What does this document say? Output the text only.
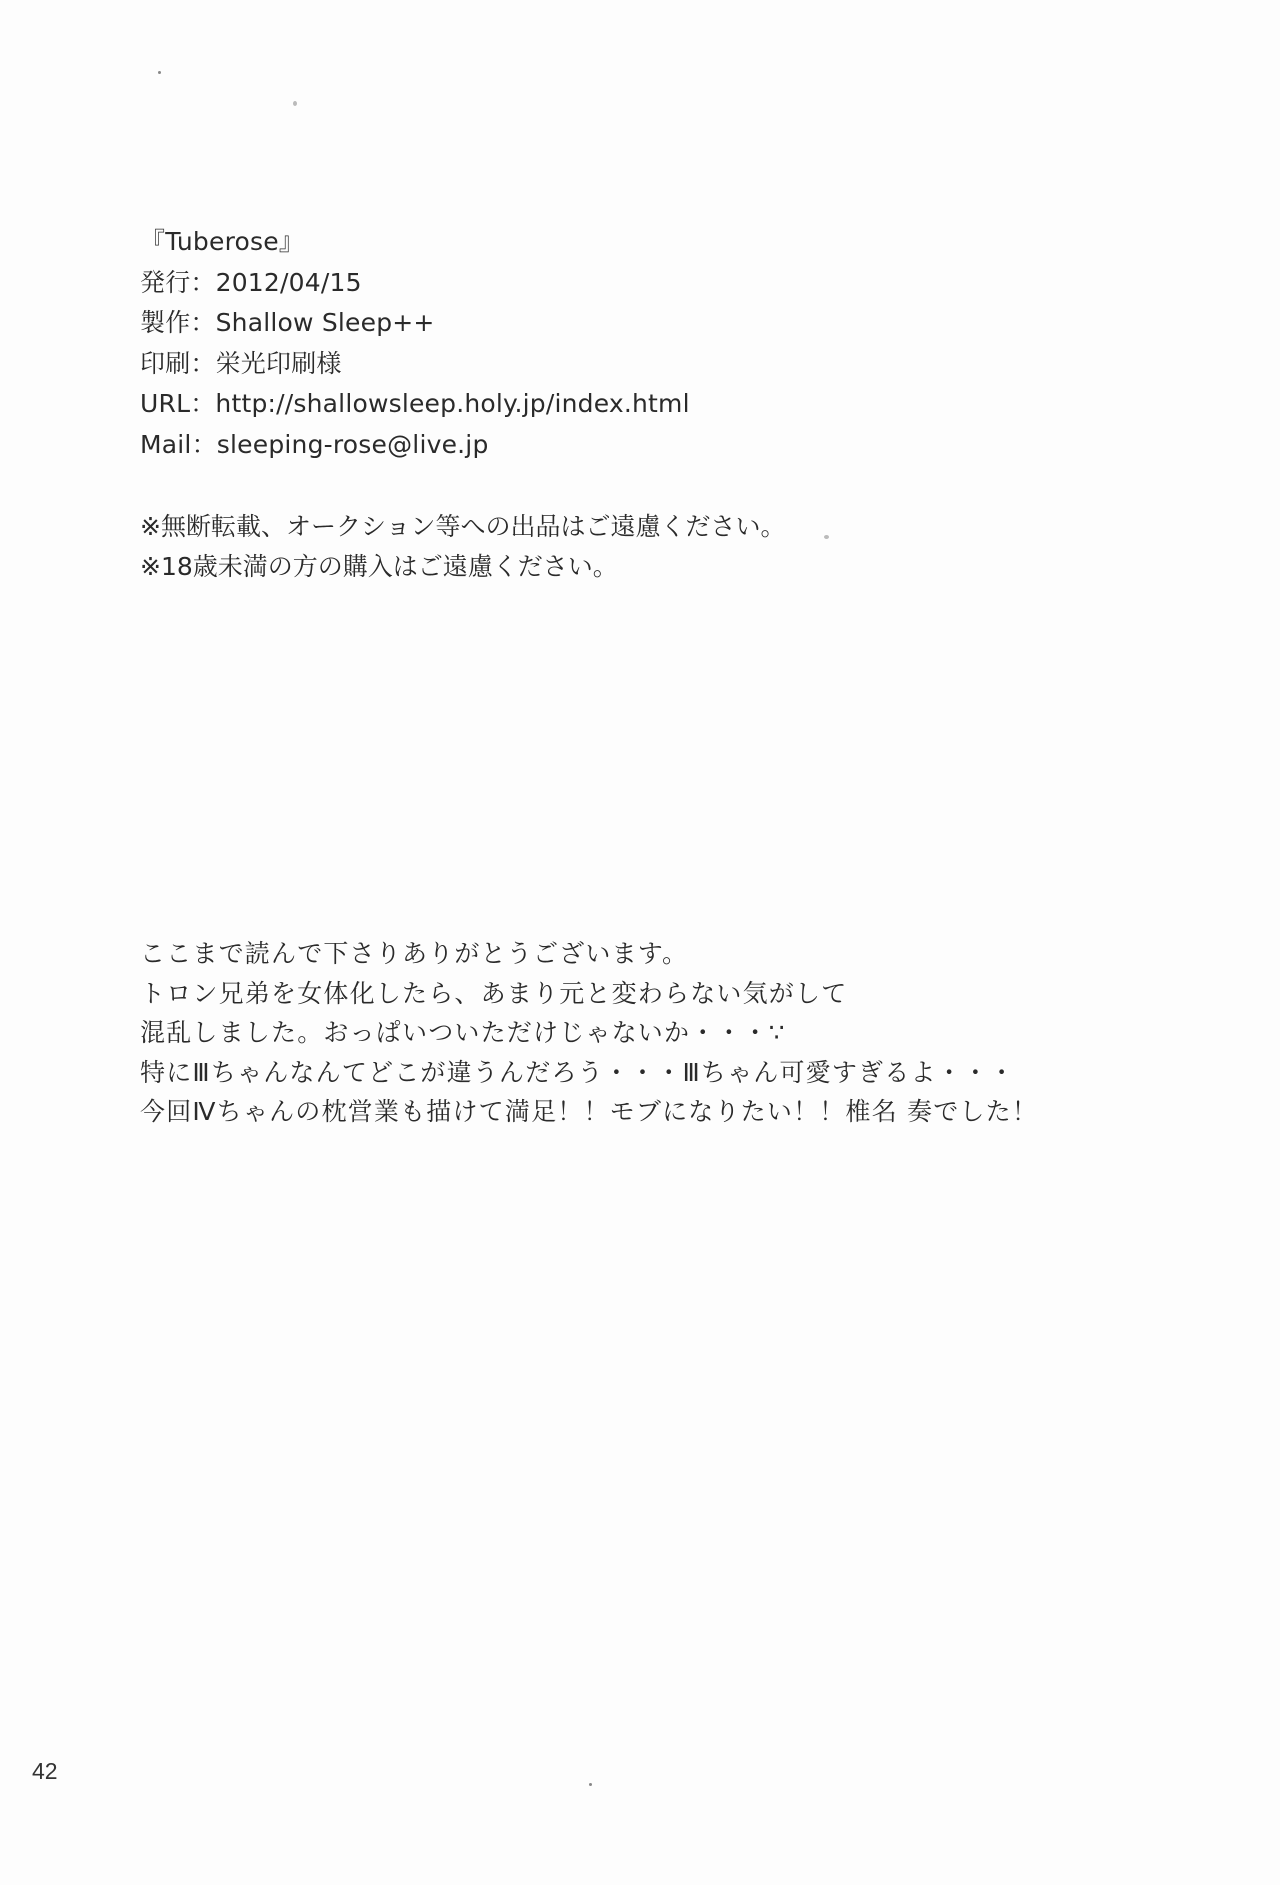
『Tuberose』
発行：2012/04/15
製作：Shallow Sleep++
印刷：栄光印刷様
URL：http://shallowsleep.holy.jp/index.html
Mail：sleeping-rose@live.jp
※無断転載、オークション等への出品はご遠慮ください。
※18歳未満の方の購入はご遠慮ください。
ここまで読んで下さりありがとうございます。
トロン兄弟を女体化したら、あまり元と変わらない気がして
混乱しました。おっぱいついただけじゃないか・・・∵
特にⅢちゃんなんてどこが違うんだろう・・・Ⅲちゃん可愛すぎるよ・・・
今回Ⅳちゃんの枕営業も描けて満足！！モブになりたい！！椎名 奏でした！
42
